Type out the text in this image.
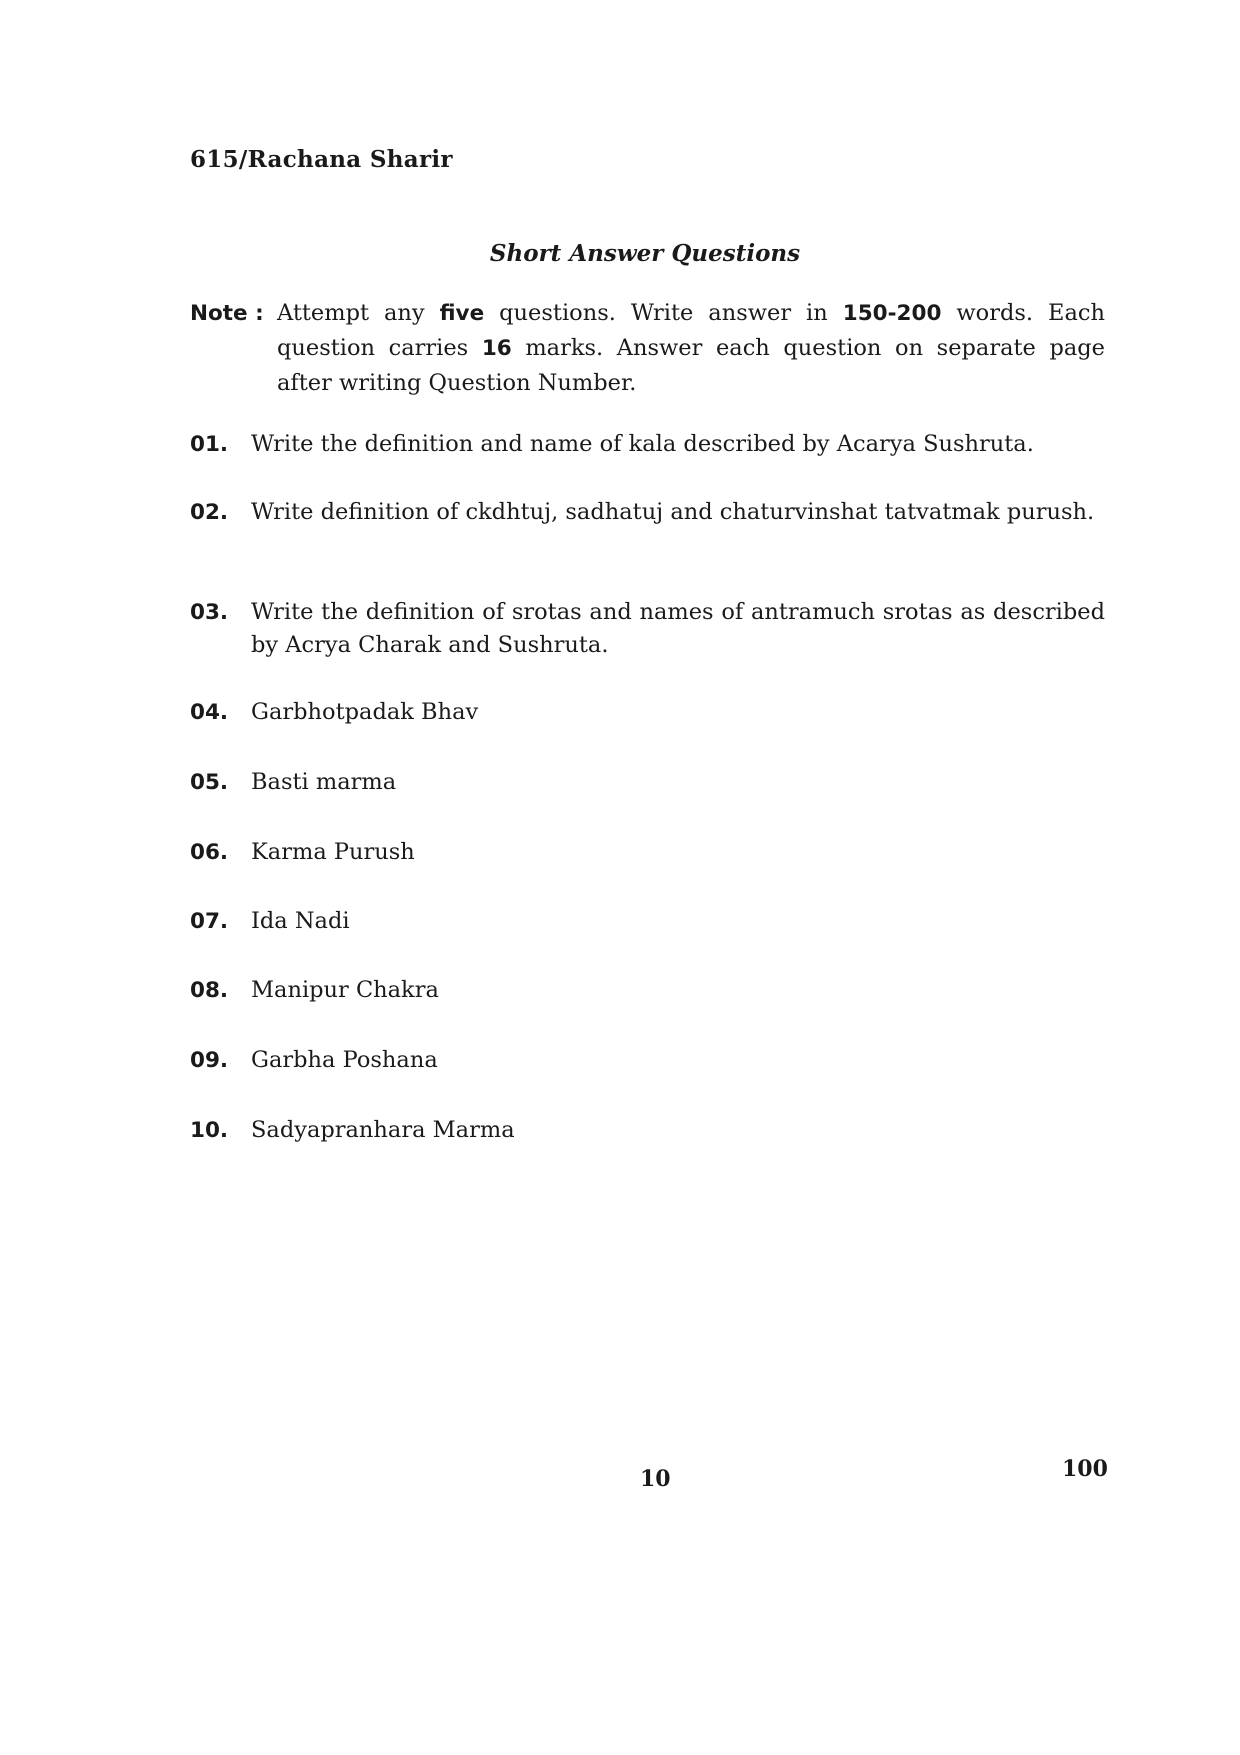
615/Rachana Sharir
Short Answer Questions
Note : Attempt any five questions. Write answer in 150-200 words. Each question carries 16 marks. Answer each question on separate page after writing Question Number.
01. Write the definition and name of kala described by Acarya Sushruta.
02. Write definition of ckdhtuj, sadhatuj and chaturvinshat tatvatmak purush.
03. Write the definition of srotas and names of antramuch srotas as described by Acrya Charak and Sushruta.
04. Garbhotpadak Bhav
05. Basti marma
06. Karma Purush
07. Ida Nadi
08. Manipur Chakra
09. Garbha Poshana
10. Sadyapranhara Marma
10	100
